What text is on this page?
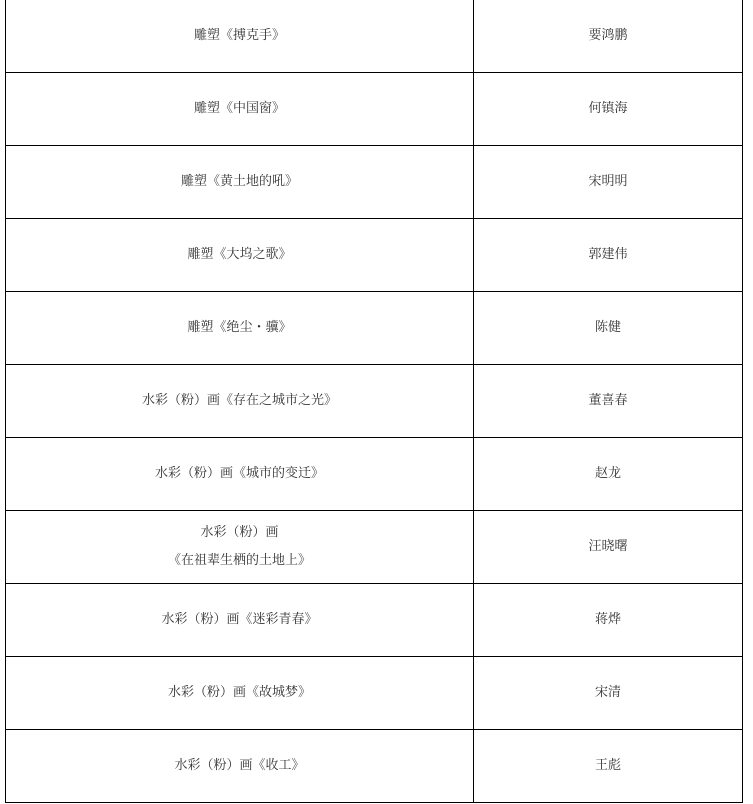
雕塑《搏克手》	要鸿鹏

雕塑《中国窗》	何镇海

雕塑《黄土地的吼》	宋明明

雕塑《大坞之歌》	郭建伟

雕塑《绝尘・骥》	陈健

水彩（粉）画《存在之城市之光》	董喜春

水彩（粉）画《城市的变迁》	赵龙

水彩（粉）画
《在祖辈生栖的土地上》	汪晓曙

水彩（粉）画《迷彩青春》	蒋烨

水彩（粉）画《故城梦》	宋清

水彩（粉）画《收工》	王彪
